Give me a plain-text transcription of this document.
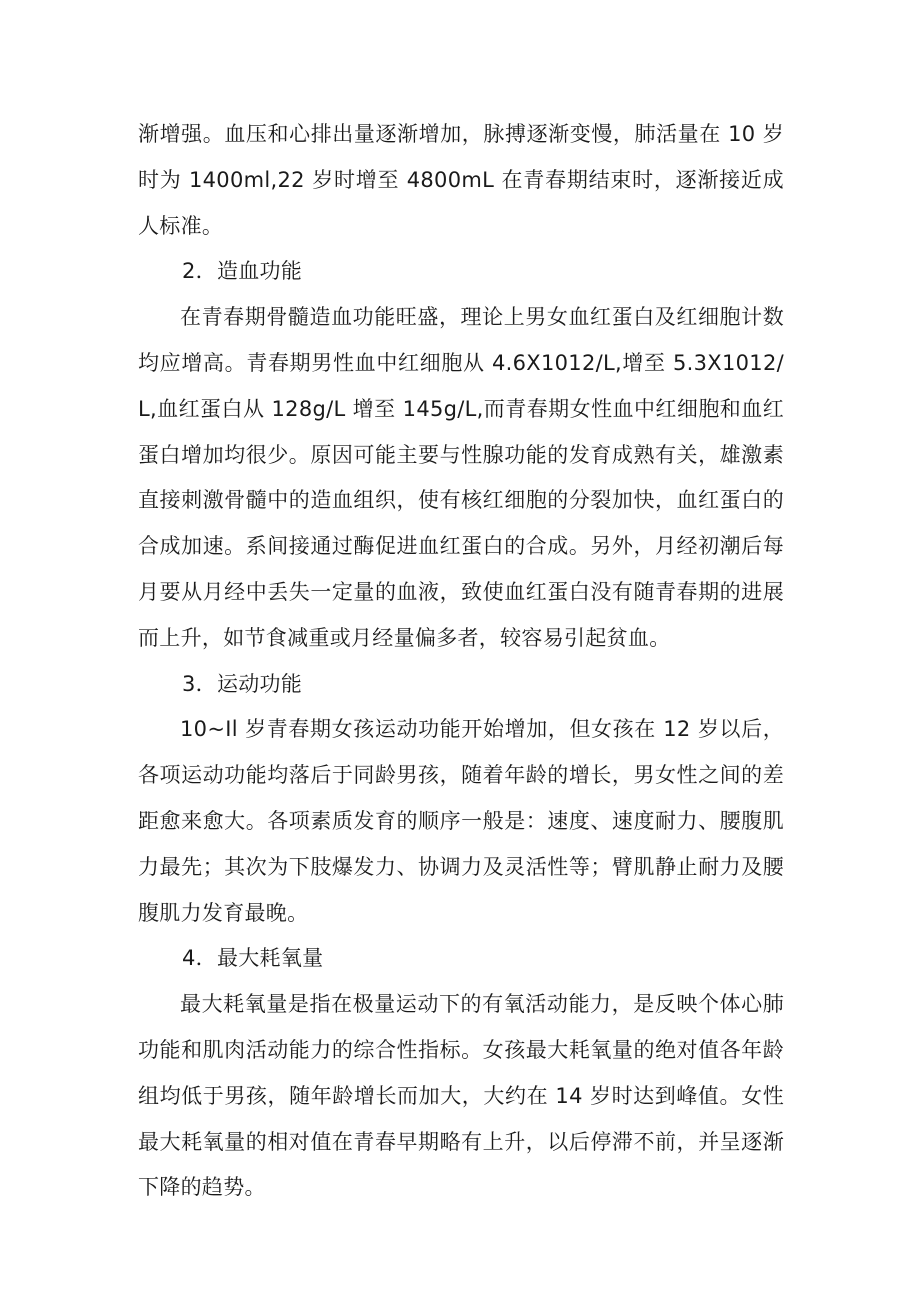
渐增强。血压和心排出量逐渐增加，脉搏逐渐变慢，肺活量在 10 岁时为 1400ml,22 岁时增至 4800mL 在青春期结束时，逐渐接近成人标准。

2．造血功能

在青春期骨髓造血功能旺盛，理论上男女血红蛋白及红细胞计数均应增高。青春期男性血中红细胞从 4.6X1012/L,增至 5.3X1012/L,血红蛋白从 128g/L 增至 145g/L,而青春期女性血中红细胞和血红蛋白增加均很少。原因可能主要与性腺功能的发育成熟有关，雄激素直接刺激骨髓中的造血组织，使有核红细胞的分裂加快，血红蛋白的合成加速。系间接通过酶促进血红蛋白的合成。另外，月经初潮后每月要从月经中丢失一定量的血液，致使血红蛋白没有随青春期的进展而上升，如节食减重或月经量偏多者，较容易引起贫血。

3．运动功能

10~Il 岁青春期女孩运动功能开始增加，但女孩在 12 岁以后，各项运动功能均落后于同龄男孩，随着年龄的增长，男女性之间的差距愈来愈大。各项素质发育的顺序一般是：速度、速度耐力、腰腹肌力最先；其次为下肢爆发力、协调力及灵活性等；臂肌静止耐力及腰腹肌力发育最晚。

4．最大耗氧量

最大耗氧量是指在极量运动下的有氧活动能力，是反映个体心肺功能和肌肉活动能力的综合性指标。女孩最大耗氧量的绝对值各年龄组均低于男孩，随年龄增长而加大，大约在 14 岁时达到峰值。女性最大耗氧量的相对值在青春早期略有上升，以后停滞不前，并呈逐渐下降的趋势。
